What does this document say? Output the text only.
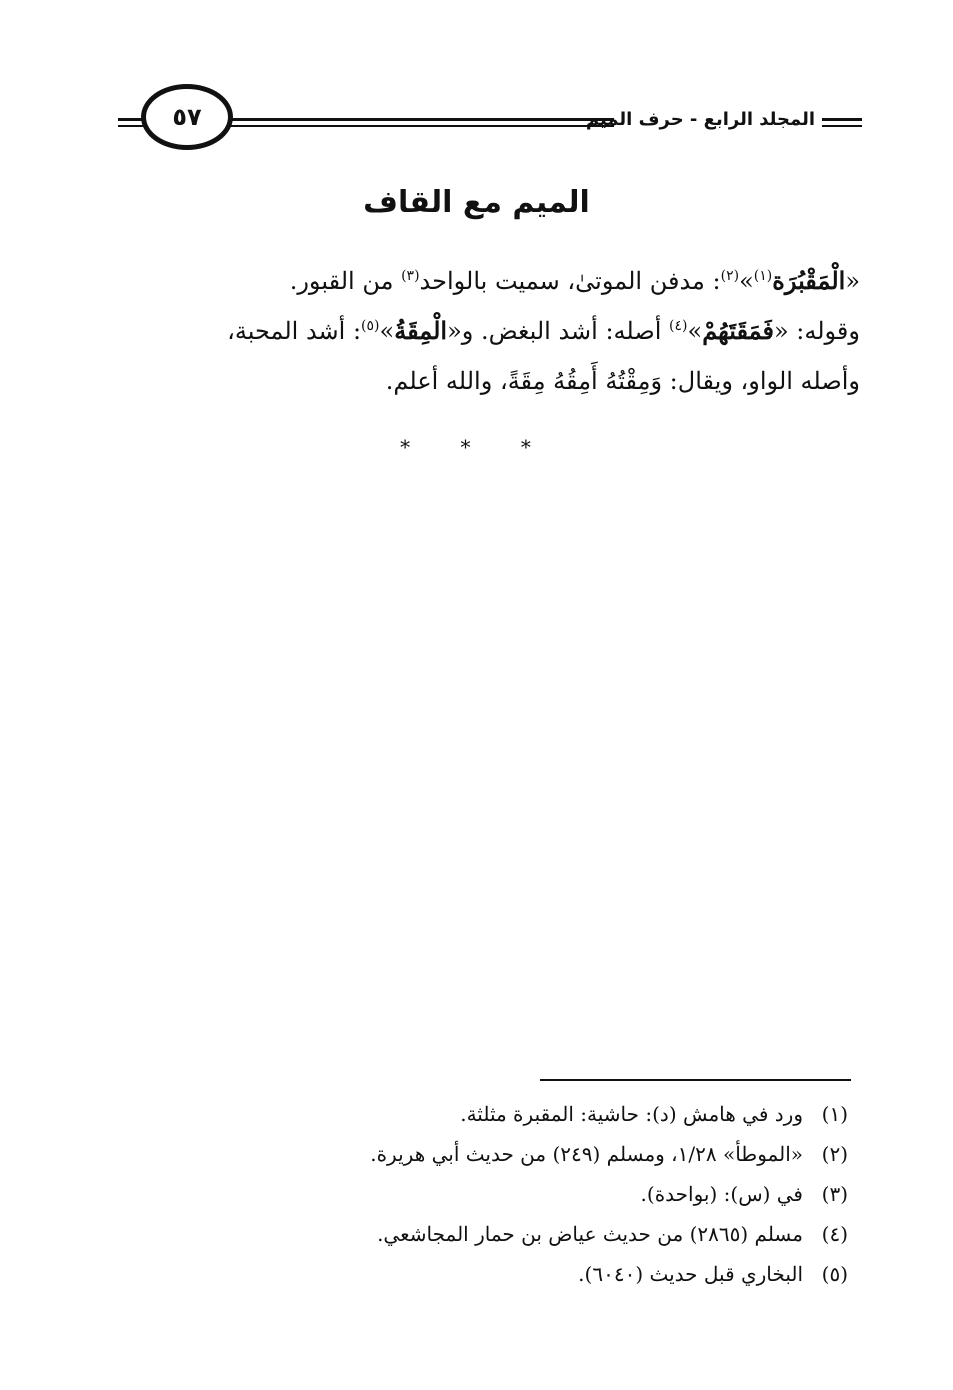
٥٧	المجلد الرابع - حرف الميم
الميم مع القاف

«الْمَقْبُرَة$^{(١)}$»$^{(٢)}$: مدفن الموتىٰ، سميت بالواحد$^{(٣)}$ من القبور.

وقوله: «فَمَقَتَهُمْ»$^{(٤)}$ أصله: أشد البغض. و«الْمِقَةُ»$^{(٥)}$: أشد المحبة،

وأصله الواو، ويقال: وَمِقْتُهُ أَمِقُهُ مِقَةً، والله أعلم.

* * *
(١)ورد في هامش (د): حاشية: المقبرة مثلثة.
(٢)«الموطأ» ١/٢٨، ومسلم (٢٤٩) من حديث أبي هريرة.
(٣)في (س): (بواحدة).
(٤)مسلم (٢٨٦٥) من حديث عياض بن حمار المجاشعي.
(٥)البخاري قبل حديث (٦٠٤٠).
